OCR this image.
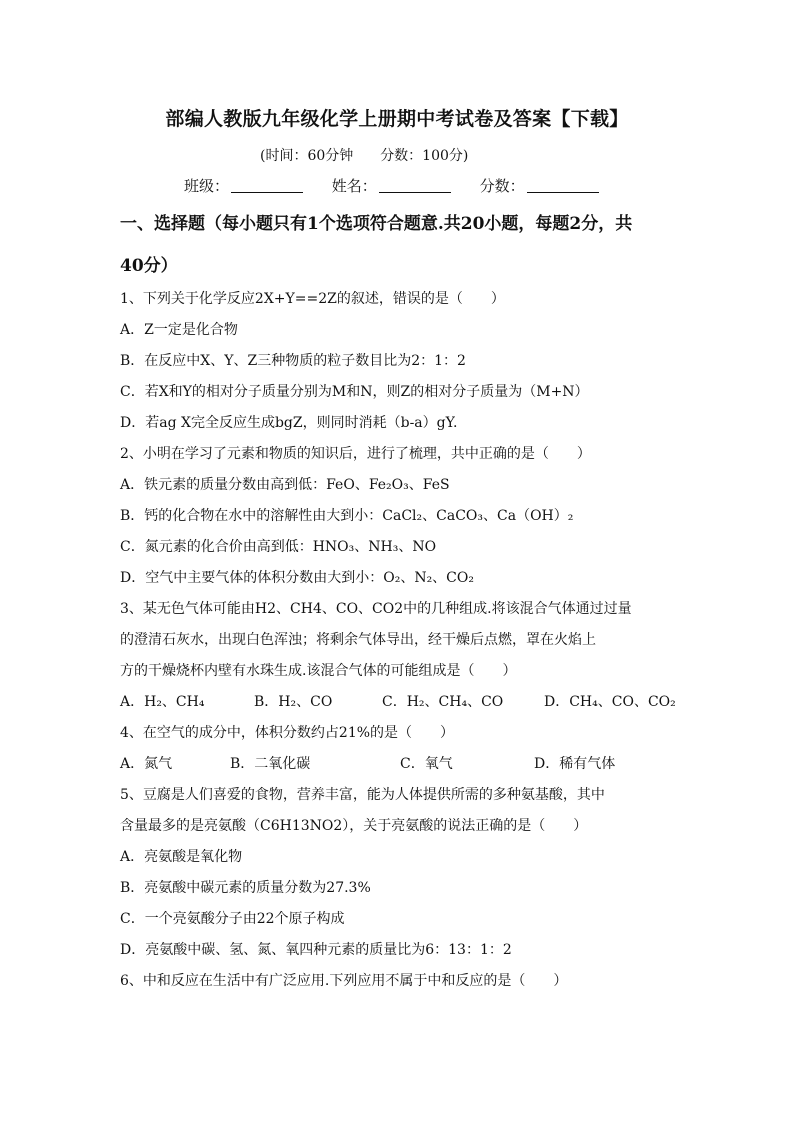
部编人教版九年级化学上册期中考试卷及答案【下载】
(时间：60分钟 分数：100分)
班级：	姓名：	分数：
一、选择题（每小题只有1个选项符合题意.共20小题，每题2分，共
40分）
1、下列关于化学反应2X+Y==2Z的叙述，错误的是（　　）
A．Z一定是化合物
B．在反应中X、Y、Z三种物质的粒子数目比为2：1：2
C．若X和Y的相对分子质量分别为M和N，则Z的相对分子质量为（M+N）
D．若ag X完全反应生成bgZ，则同时消耗（b-a）gY.
2、小明在学习了元素和物质的知识后，进行了梳理，共中正确的是（　　）
A．铁元素的质量分数由高到低：FeO、Fe₂O₃、FeS
B．钙的化合物在水中的溶解性由大到小：CaCl₂、CaCO₃、Ca（OH）₂
C．氮元素的化合价由高到低：HNO₃、NH₃、NO
D．空气中主要气体的体积分数由大到小：O₂、N₂、CO₂
3、某无色气体可能由H2、CH4、CO、CO2中的几种组成.将该混合气体通过过量
的澄清石灰水，出现白色浑浊；将剩余气体导出，经干燥后点燃，罩在火焰上
方的干燥烧杯内壁有水珠生成.该混合气体的可能组成是（　　）
A．H₂、CH₄	B．H₂、CO	C．H₂、CH₄、CO	D．CH₄、CO、CO₂
4、在空气的成分中，体积分数约占21%的是（　　）
A．氮气	B．二氧化碳	C．氧气	D．稀有气体
5、豆腐是人们喜爱的食物，营养丰富，能为人体提供所需的多种氨基酸，其中
含量最多的是亮氨酸（C6H13NO2），关于亮氨酸的说法正确的是（　　）
A．亮氨酸是氧化物
B．亮氨酸中碳元素的质量分数为27.3%
C．一个亮氨酸分子由22个原子构成
D．亮氨酸中碳、氢、氮、氧四种元素的质量比为6：13：1：2
6、中和反应在生活中有广泛应用.下列应用不属于中和反应的是（　　）
